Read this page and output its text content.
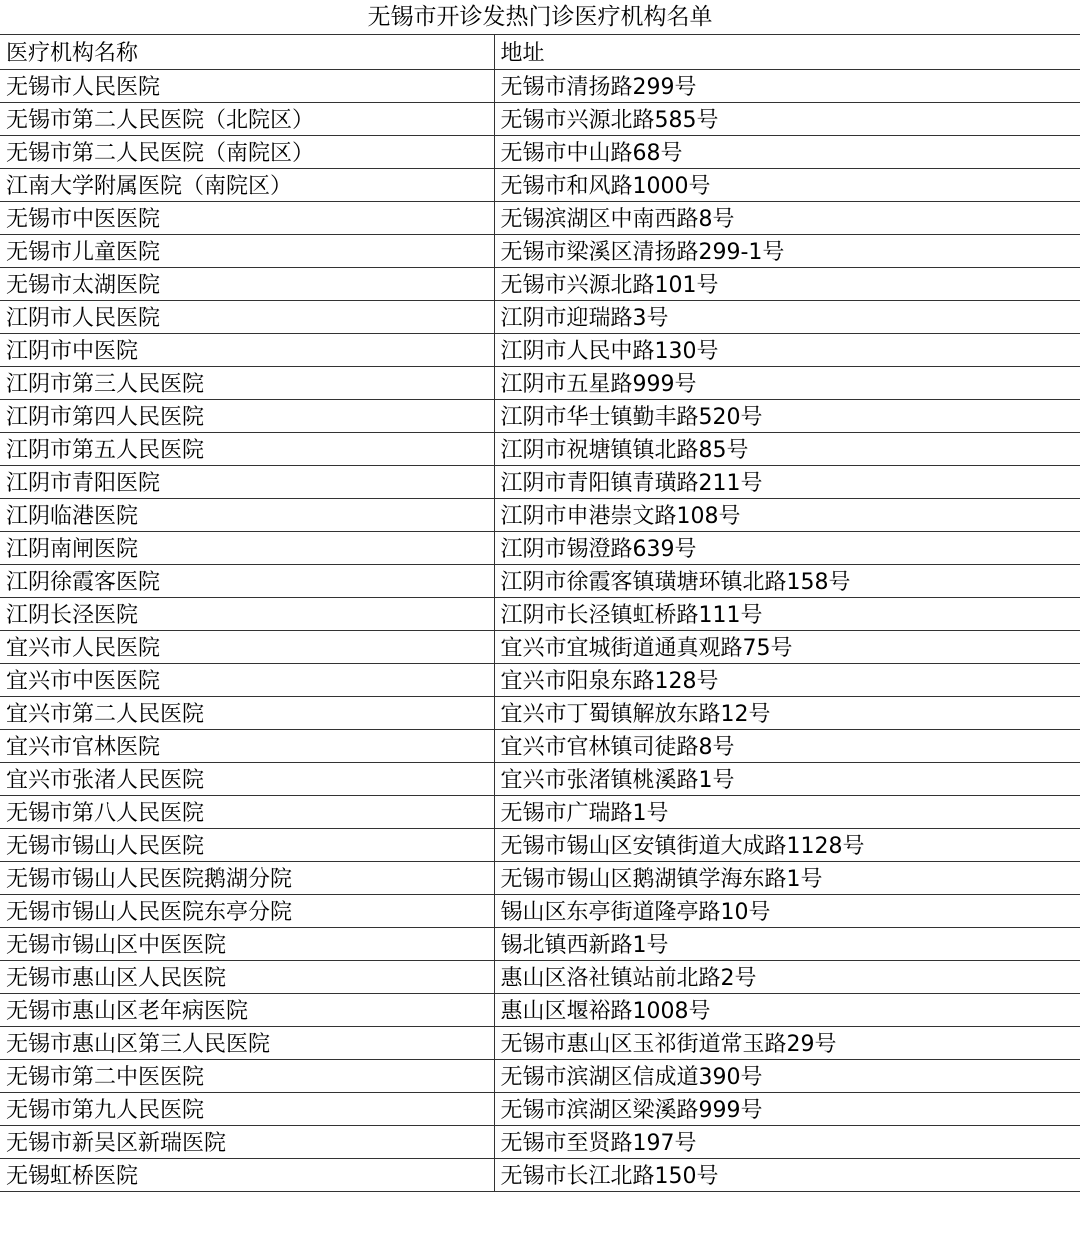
无锡市开诊发热门诊医疗机构名单
医疗机构名称	地址
无锡市人民医院	无锡市清扬路299号
无锡市第二人民医院（北院区）	无锡市兴源北路585号
无锡市第二人民医院（南院区）	无锡市中山路68号
江南大学附属医院（南院区）	无锡市和风路1000号
无锡市中医医院	无锡滨湖区中南西路8号
无锡市儿童医院	无锡市梁溪区清扬路299-1号
无锡市太湖医院	无锡市兴源北路101号
江阴市人民医院	江阴市迎瑞路3号
江阴市中医院	江阴市人民中路130号
江阴市第三人民医院	江阴市五星路999号
江阴市第四人民医院	江阴市华士镇勤丰路520号
江阴市第五人民医院	江阴市祝塘镇镇北路85号
江阴市青阳医院	江阴市青阳镇青璜路211号
江阴临港医院	江阴市申港崇文路108号
江阴南闸医院	江阴市锡澄路639号
江阴徐霞客医院	江阴市徐霞客镇璜塘环镇北路158号
江阴长泾医院	江阴市长泾镇虹桥路111号
宜兴市人民医院	宜兴市宜城街道通真观路75号
宜兴市中医医院	宜兴市阳泉东路128号
宜兴市第二人民医院	宜兴市丁蜀镇解放东路12号
宜兴市官林医院	宜兴市官林镇司徒路8号
宜兴市张渚人民医院	宜兴市张渚镇桃溪路1号
无锡市第八人民医院	无锡市广瑞路1号
无锡市锡山人民医院	无锡市锡山区安镇街道大成路1128号
无锡市锡山人民医院鹅湖分院	无锡市锡山区鹅湖镇学海东路1号
无锡市锡山人民医院东亭分院	锡山区东亭街道隆亭路10号
无锡市锡山区中医医院	锡北镇西新路1号
无锡市惠山区人民医院	惠山区洛社镇站前北路2号
无锡市惠山区老年病医院	惠山区堰裕路1008号
无锡市惠山区第三人民医院	无锡市惠山区玉祁街道常玉路29号
无锡市第二中医医院	无锡市滨湖区信成道390号
无锡市第九人民医院	无锡市滨湖区梁溪路999号
无锡市新吴区新瑞医院	无锡市至贤路197号
无锡虹桥医院	无锡市长江北路150号
